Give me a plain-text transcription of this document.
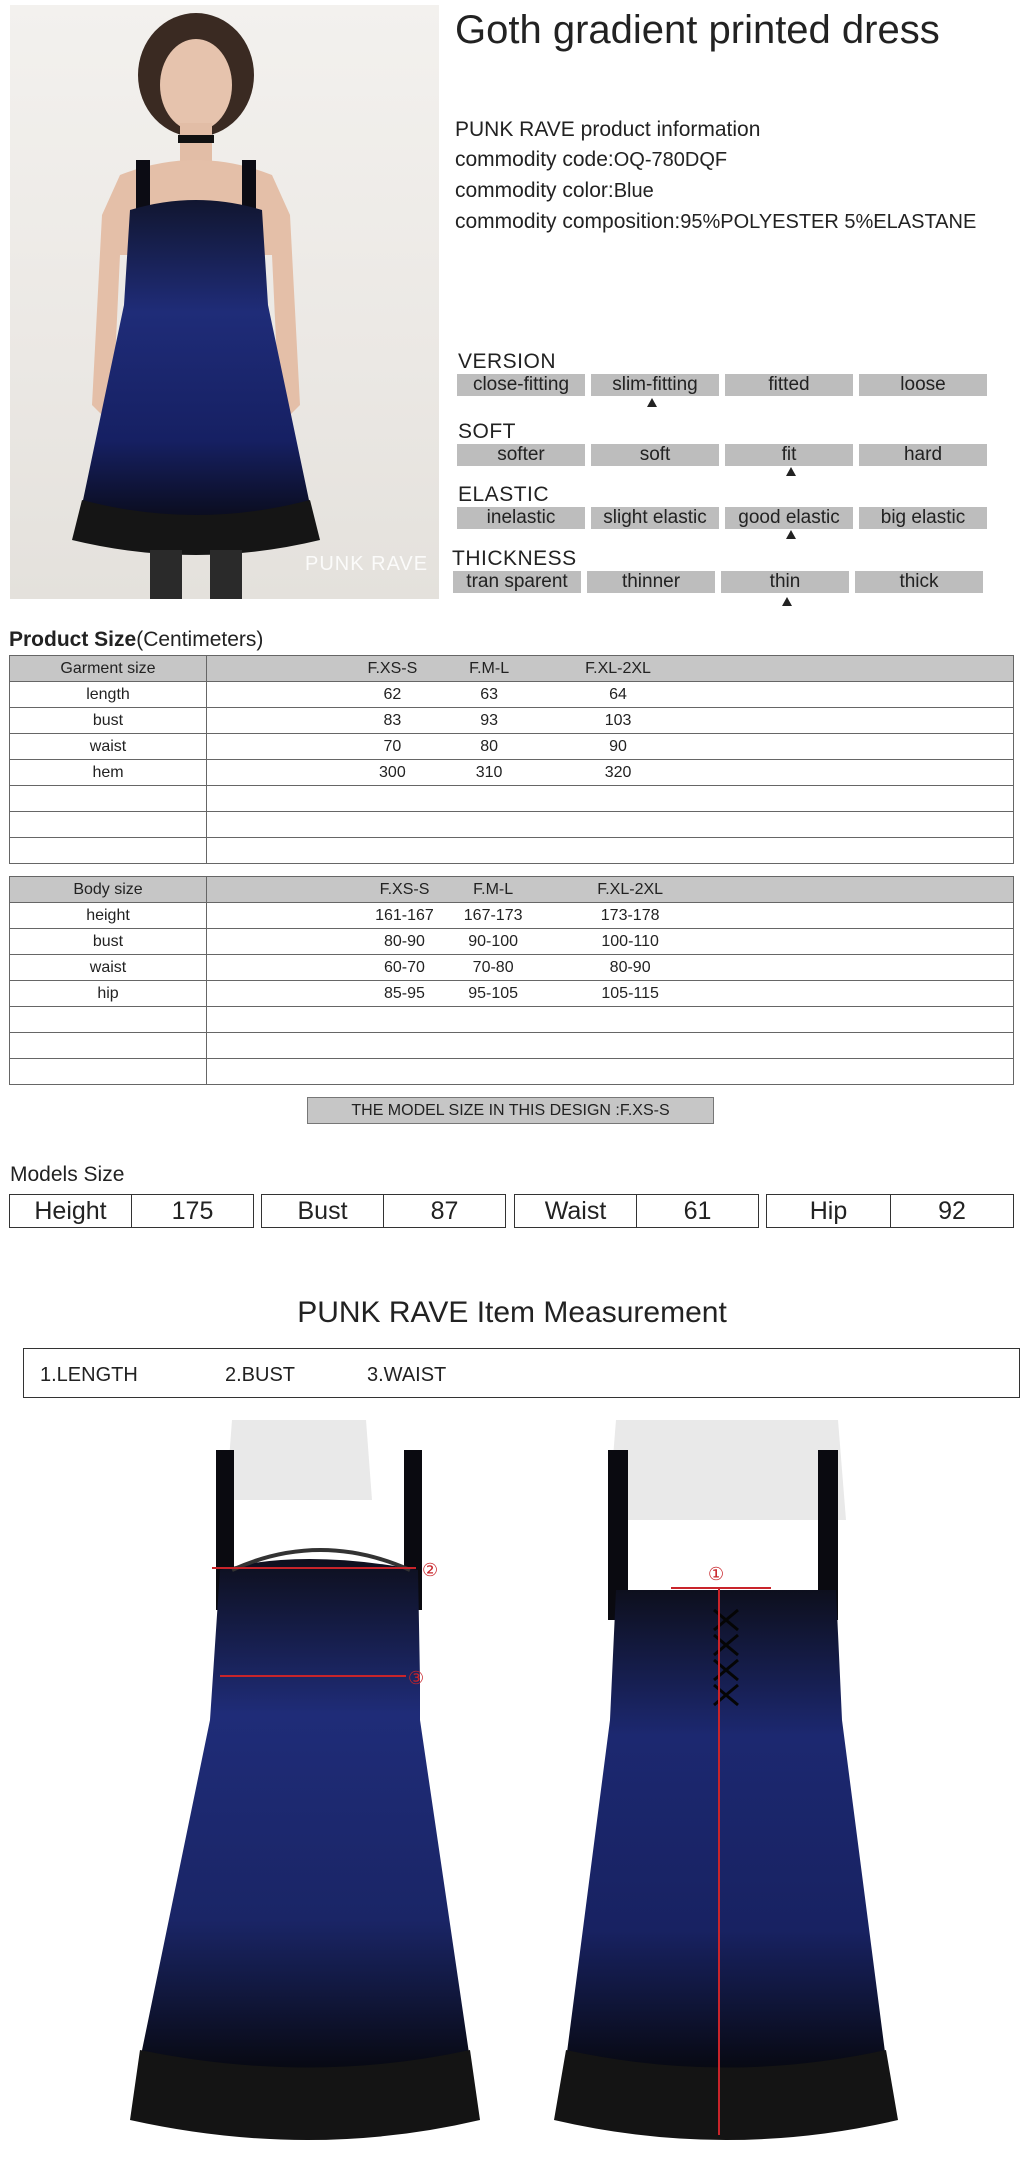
PUNK RAVE
Goth gradient printed dress
PUNK RAVE product information
commodity code:OQ-780DQF
commodity color:Blue
commodity composition:95%POLYESTER 5%ELASTANE
VERSION
close-fitting	slim-fitting	fitted	loose
SOFT
softer	soft	fit	hard
ELASTIC
inelastic	slight elastic	good elastic	big elastic
THICKNESS
tran sparent	thinner	thin	thick
Product Size(Centimeters)
Garment size	F.XS-S F.M-L F.XL-2XL

length	62 63 64

bust	83 93 103

waist	70 80 90

hem	300 310 320

Body size	F.XS-S F.M-L F.XL-2XL

height	161-167 167-173 173-178

bust	80-90 90-100 100-110

waist	60-70 70-80 80-90

hip	85-95 95-105 105-115

THE MODEL SIZE IN THIS DESIGN :F.XS-S
Models Size
Height	175	Bust	87	Waist	61	Hip	92
PUNK RAVE Item Measurement
1.LENGTH	2.BUST	3.WAIST
②
③
①
